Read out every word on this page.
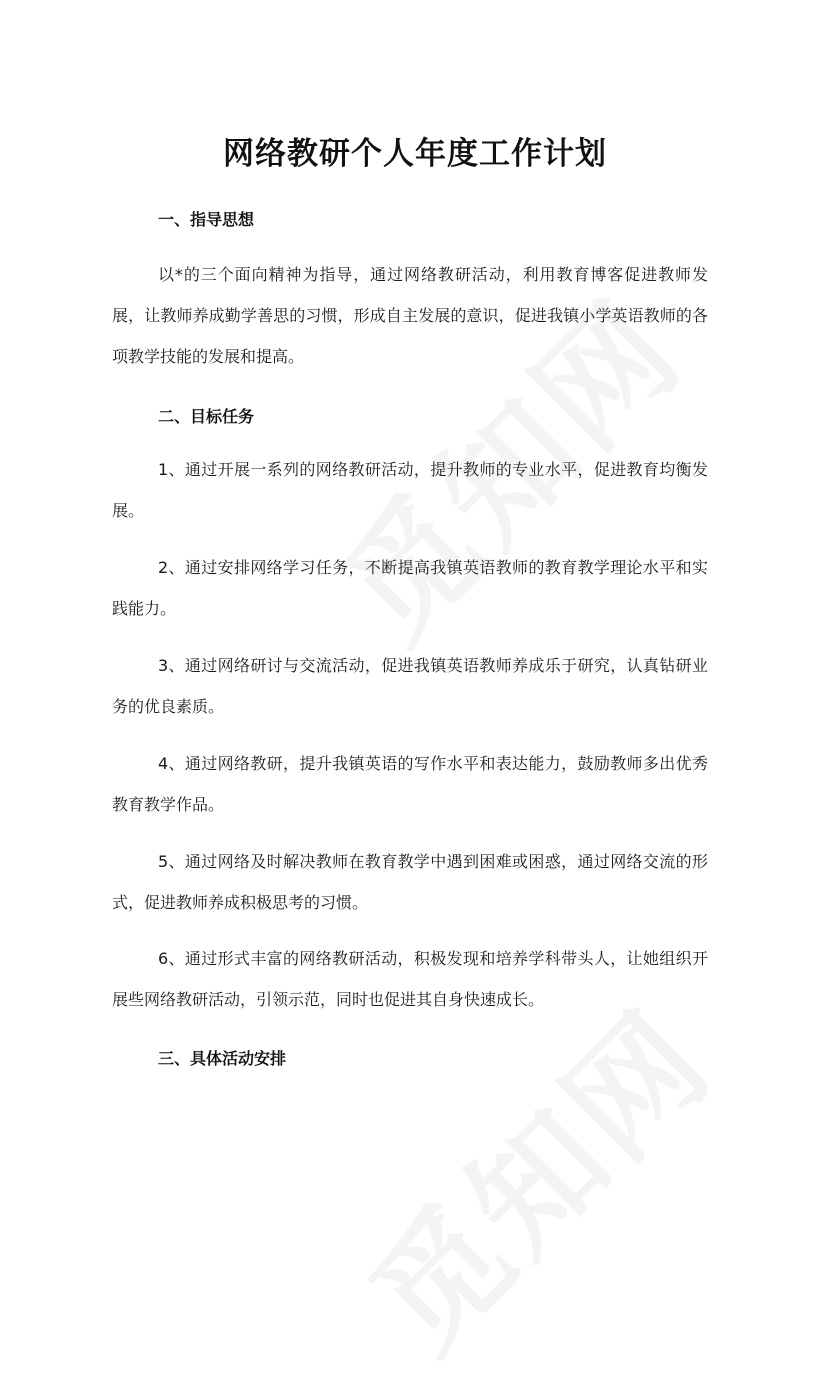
网络教研个人年度工作计划
一、指导思想

以*的三个面向精神为指导，通过网络教研活动，利用教育博客促进教师发展，让教师养成勤学善思的习惯，形成自主发展的意识，促进我镇小学英语教师的各项教学技能的发展和提高。

二、目标任务

1、通过开展一系列的网络教研活动，提升教师的专业水平，促进教育均衡发展。

2、通过安排网络学习任务，不断提高我镇英语教师的教育教学理论水平和实践能力。

3、通过网络研讨与交流活动，促进我镇英语教师养成乐于研究，认真钻研业务的优良素质。

4、通过网络教研，提升我镇英语的写作水平和表达能力，鼓励教师多出优秀教育教学作品。

5、通过网络及时解决教师在教育教学中遇到困难或困惑，通过网络交流的形式，促进教师养成积极思考的习惯。

6、通过形式丰富的网络教研活动，积极发现和培养学科带头人，让她组织开展些网络教研活动，引领示范，同时也促进其自身快速成长。

三、具体活动安排
